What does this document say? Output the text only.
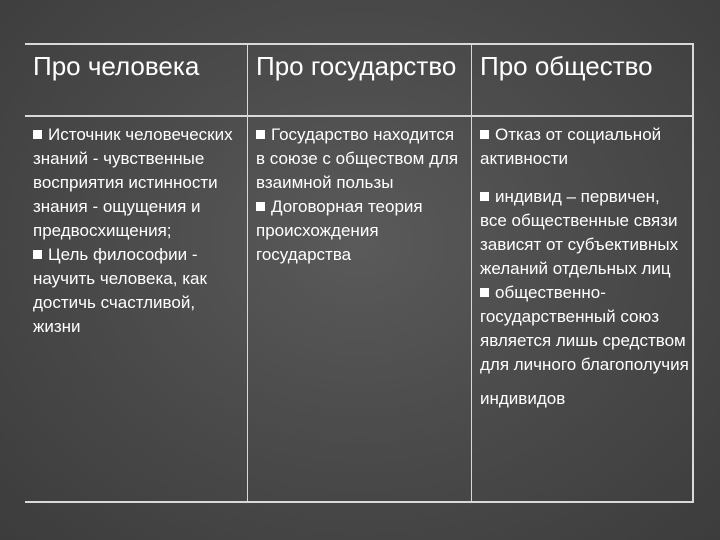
Про человека	Про государство Про общество

Источник человеческих знаний - чувственные восприятия истинности знания - ощущения и предвосхищения;

Цель философии - научить человека, как достичь счастливой, жизни

Государство находится в союзе с обществом для взаимной пользы

Договорная теория происхождения государства

Отказ от социальной активности

индивид – первичен, все общественные связи зависят от субъективных желаний отдельных лиц

общественно-государственный союз является лишь средством для личного благополучия

индивидов
